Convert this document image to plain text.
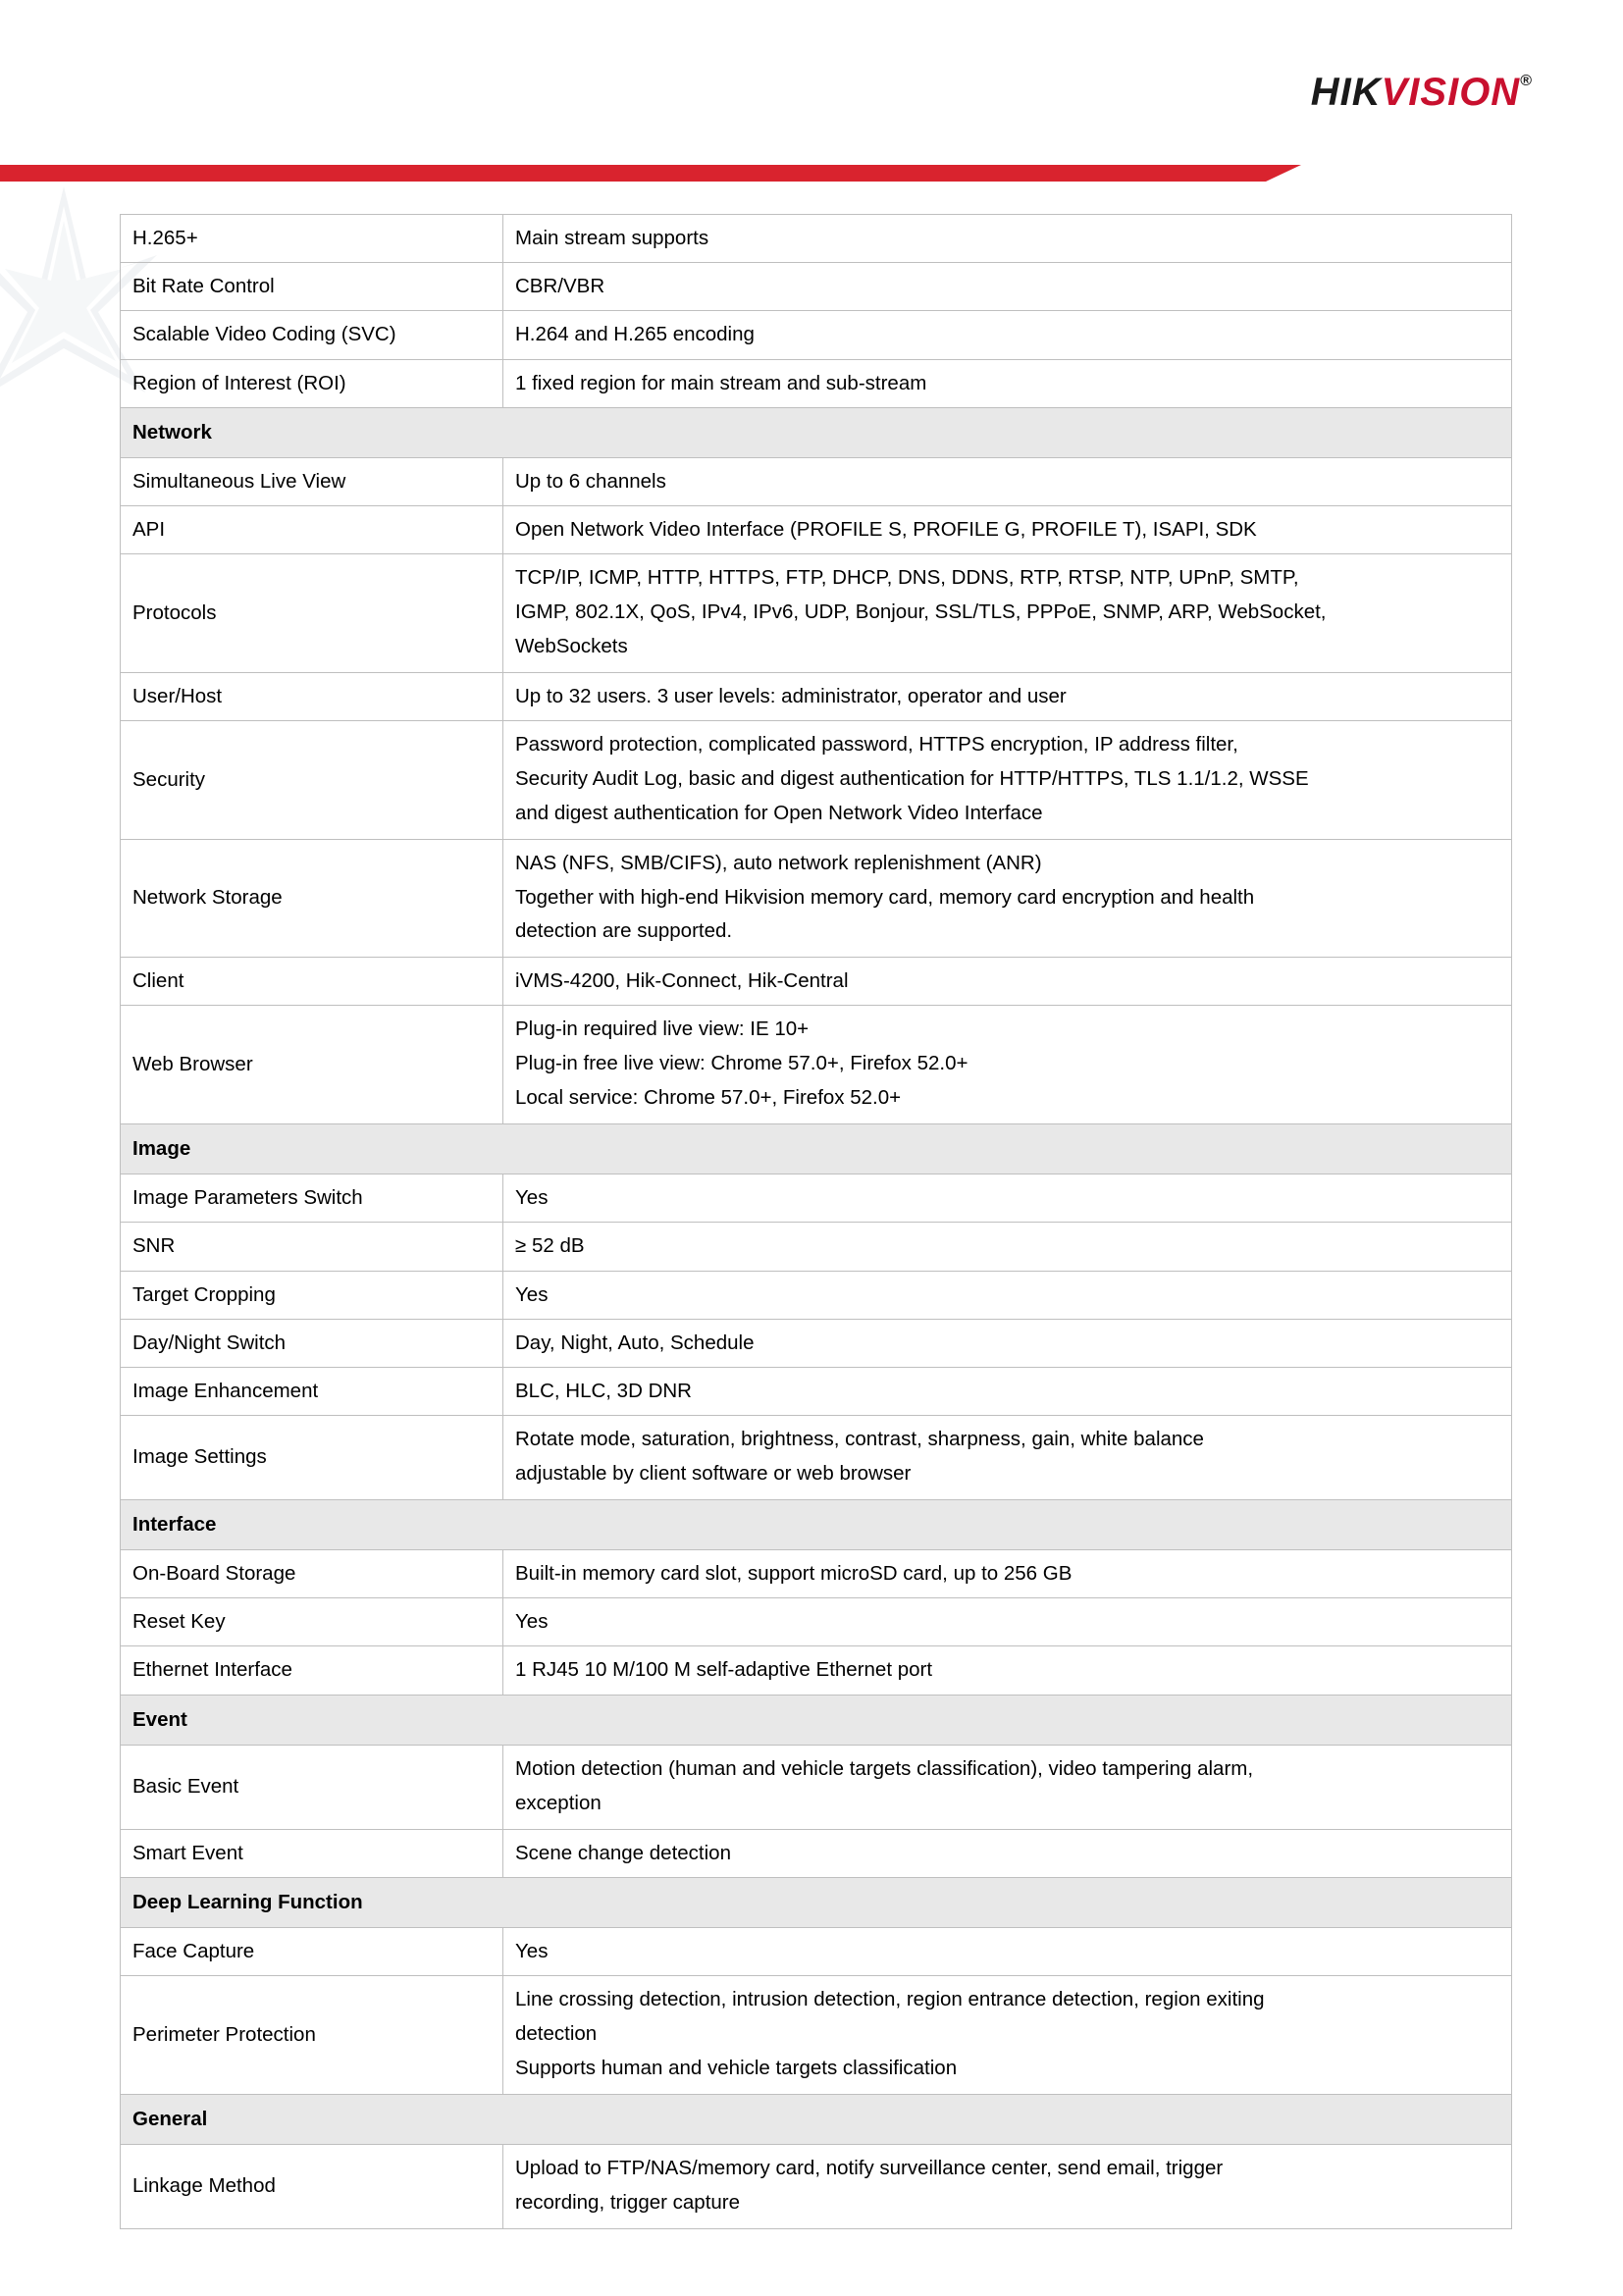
HIKVISION®
H.265+	Main stream supports
Bit Rate Control	CBR/VBR
Scalable Video Coding (SVC)	H.264 and H.265 encoding
Region of Interest (ROI)	1 fixed region for main stream and sub-stream
Network	
Simultaneous Live View	Up to 6 channels
API	Open Network Video Interface (PROFILE S, PROFILE G, PROFILE T), ISAPI, SDK
Protocols	TCP/IP, ICMP, HTTP, HTTPS, FTP, DHCP, DNS, DDNS, RTP, RTSP, NTP, UPnP, SMTP,

IGMP, 802.1X, QoS, IPv4, IPv6, UDP, Bonjour, SSL/TLS, PPPoE, SNMP, ARP, WebSocket,

WebSockets

User/Host	Up to 32 users. 3 user levels: administrator, operator and user
Security	Password protection, complicated password, HTTPS encryption, IP address filter,

Security Audit Log, basic and digest authentication for HTTP/HTTPS, TLS 1.1/1.2, WSSE

and digest authentication for Open Network Video Interface

Network Storage	NAS (NFS, SMB/CIFS), auto network replenishment (ANR)

Together with high-end Hikvision memory card, memory card encryption and health

detection are supported.

Client	iVMS-4200, Hik-Connect, Hik-Central
Web Browser	Plug-in required live view: IE 10+

Plug-in free live view: Chrome 57.0+, Firefox 52.0+

Local service: Chrome 57.0+, Firefox 52.0+

Image	
Image Parameters Switch	Yes
SNR	≥ 52 dB
Target Cropping	Yes
Day/Night Switch	Day, Night, Auto, Schedule
Image Enhancement	BLC, HLC, 3D DNR
Image Settings	Rotate mode, saturation, brightness, contrast, sharpness, gain, white balance

adjustable by client software or web browser

Interface	
On-Board Storage	Built-in memory card slot, support microSD card, up to 256 GB
Reset Key	Yes
Ethernet Interface	1 RJ45 10 M/100 M self-adaptive Ethernet port
Event	
Basic Event	Motion detection (human and vehicle targets classification), video tampering alarm,

exception

Smart Event	Scene change detection
Deep Learning Function	
Face Capture	Yes
Perimeter Protection	Line crossing detection, intrusion detection, region entrance detection, region exiting

detection

Supports human and vehicle targets classification

General	
Linkage Method	Upload to FTP/NAS/memory card, notify surveillance center, send email, trigger

recording, trigger capture
